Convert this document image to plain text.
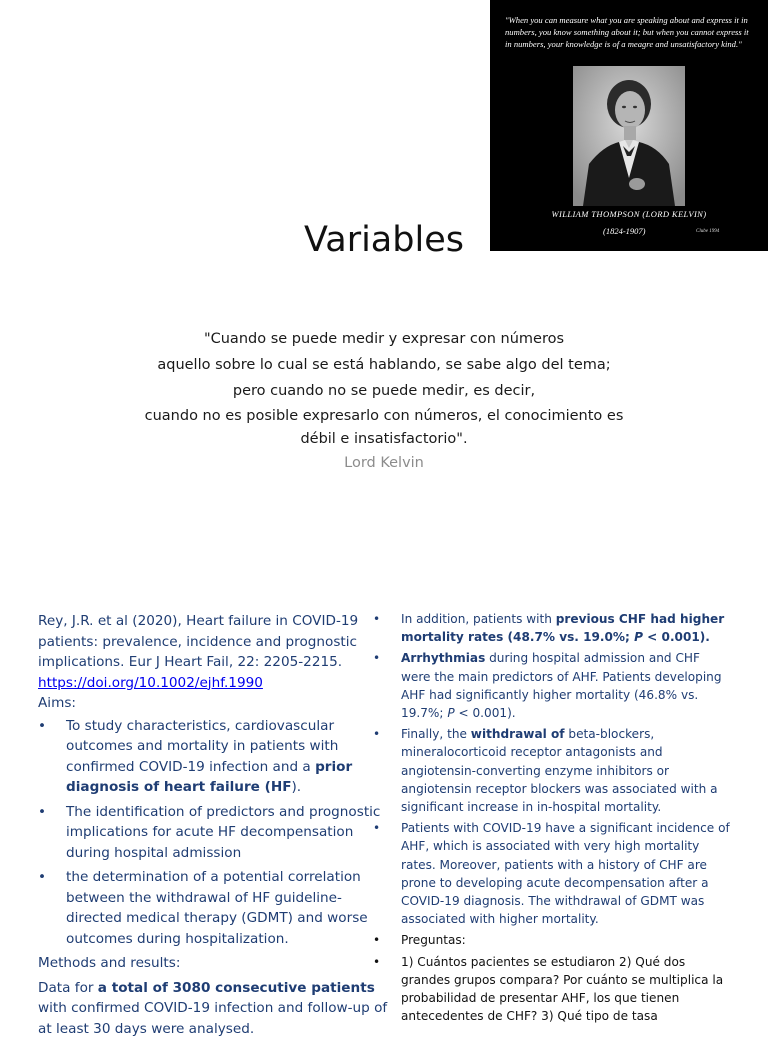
"When you can measure what you are speaking about and express it in numbers, you know something about it; but when you cannot express it in numbers, your knowledge is of a meagre and unsatisfactory kind."

WILLIAM THOMPSON (LORD KELVIN)
(1824-1907)	Clube 1994
Variables

"Cuando se puede medir y expresar con números

aquello sobre lo cual se está hablando, se sabe algo del tema;

pero cuando no se puede medir, es decir,

cuando no es posible expresarlo con números, el conocimiento es

débil e insatisfactorio".

Lord Kelvin

Rey, J.R. et al (2020), Heart failure in COVID-19 patients: prevalence, incidence and prognostic implications. Eur J Heart Fail, 22: 2205-2215.

https://doi.org/10.1002/ejhf.1990

Aims:

• To study characteristics, cardiovascular outcomes and mortality in patients with confirmed COVID-19 infection and a prior diagnosis of heart failure (HF).
• The identification of predictors and prognostic implications for acute HF decompensation during hospital admission
• the determination of a potential correlation between the withdrawal of HF guideline-directed medical therapy (GDMT) and worse outcomes during hospitalization.

Methods and results:

Data for a total of 3080 consecutive patients with confirmed COVID-19 infection and follow-up of at least 30 days were analysed.

• In addition, patients with previous CHF had higher mortality rates (48.7% vs. 19.0%; P < 0.001).
• Arrhythmias during hospital admission and CHF were the main predictors of AHF. Patients developing AHF had significantly higher mortality (46.8% vs. 19.7%; P < 0.001).
• Finally, the withdrawal of beta-blockers, mineralocorticoid receptor antagonists and angiotensin-converting enzyme inhibitors or angiotensin receptor blockers was associated with a significant increase in in-hospital mortality.
• Patients with COVID-19 have a significant incidence of AHF, which is associated with very high mortality rates. Moreover, patients with a history of CHF are prone to developing acute decompensation after a COVID-19 diagnosis. The withdrawal of GDMT was associated with higher mortality.
• Preguntas:
• 1) Cuántos pacientes se estudiaron 2) Qué dos grandes grupos compara? Por cuánto se multiplica la probabilidad de presentar AHF, los que tienen antecedentes de CHF? 3) Qué tipo de tasa
